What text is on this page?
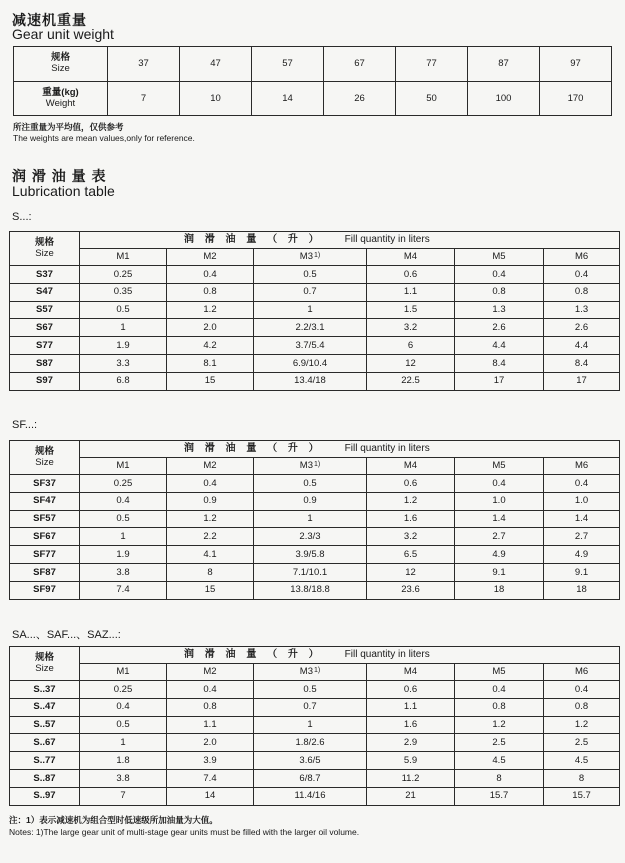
减速机重量
Gear unit weight
规格
Size	37	47	57	67	77	87	97

重量(kg)
Weight	7	10	14	26	50	100	170
所注重量为平均值，仅供参考
The weights are mean values,only for reference.
润 滑 油 量 表
Lubrication table
S...:
规格
Size	润 滑 油 量 （ 升 ） Fill quantity in liters					
	M1	M2	M3$^{1)}$	M4	M5	M6
S37	0.25	0.4	0.5	0.6	0.4	0.4
S47	0.35	0.8	0.7	1.1	0.8	0.8
S57	0.5	1.2	1	1.5	1.3	1.3
S67	1	2.0	2.2/3.1	3.2	2.6	2.6
S77	1.9	4.2	3.7/5.4	6	4.4	4.4
S87	3.3	8.1	6.9/10.4	12	8.4	8.4
S97	6.8	15	13.4/18	22.5	17	17
SF...:
规格
Size	润 滑 油 量 （ 升 ） Fill quantity in liters					
	M1	M2	M3$^{1)}$	M4	M5	M6
SF37	0.25	0.4	0.5	0.6	0.4	0.4
SF47	0.4	0.9	0.9	1.2	1.0	1.0
SF57	0.5	1.2	1	1.6	1.4	1.4
SF67	1	2.2	2.3/3	3.2	2.7	2.7
SF77	1.9	4.1	3.9/5.8	6.5	4.9	4.9
SF87	3.8	8	7.1/10.1	12	9.1	9.1
SF97	7.4	15	13.8/18.8	23.6	18	18
SA...、SAF...、SAZ...:
规格
Size	润 滑 油 量 （ 升 ） Fill quantity in liters					
	M1	M2	M3$^{1)}$	M4	M5	M6
S..37	0.25	0.4	0.5	0.6	0.4	0.4
S..47	0.4	0.8	0.7	1.1	0.8	0.8
S..57	0.5	1.1	1	1.6	1.2	1.2
S..67	1	2.0	1.8/2.6	2.9	2.5	2.5
S..77	1.8	3.9	3.6/5	5.9	4.5	4.5
S..87	3.8	7.4	6/8.7	11.2	8	8
S..97	7	14	11.4/16	21	15.7	15.7
注：1）表示减速机为组合型时低速级所加油量为大值。
Notes: 1)The large gear unit of multi-stage gear units must be filled with the larger oil volume.
